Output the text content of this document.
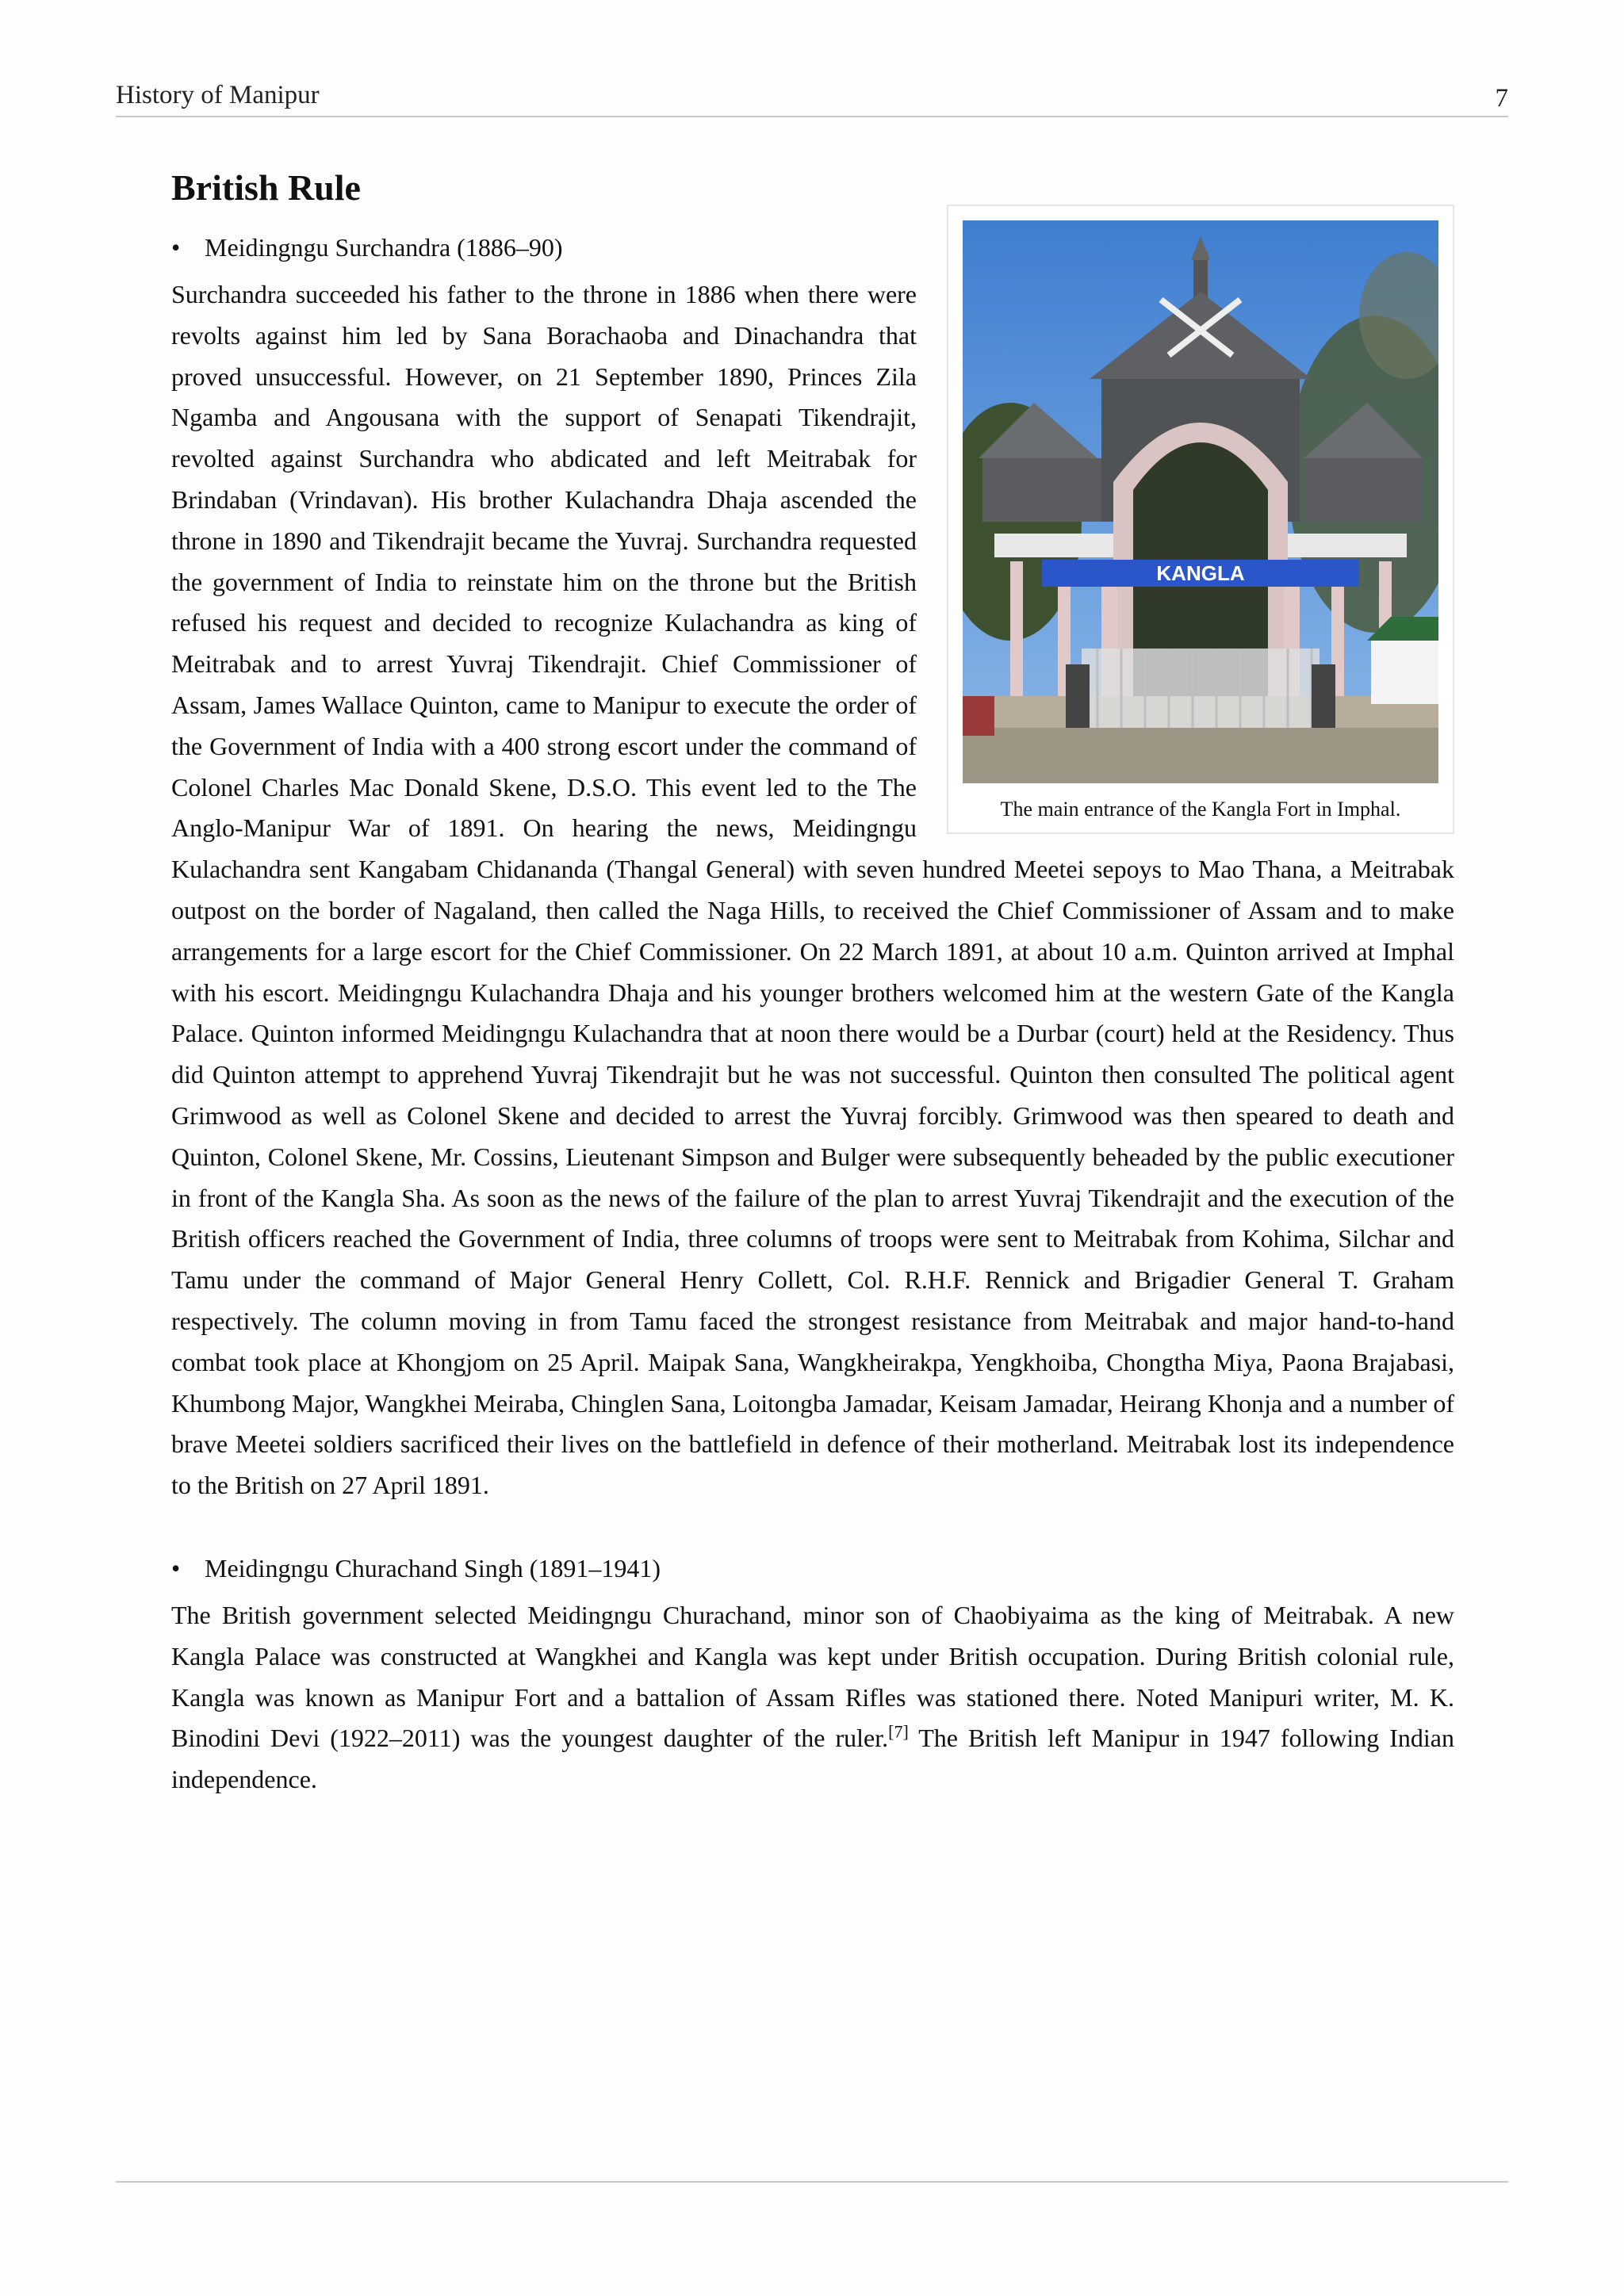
History of Manipur	7
British Rule
KANGLA
The main entrance of the Kangla Fort in Imphal.
• Meidingngu Surchandra (1886–90)

Surchandra succeeded his father to the throne in 1886 when there were revolts against him led by Sana Borachaoba and Dinachandra that proved unsuccessful. However, on 21 September 1890, Princes Zila Ngamba and Angousana with the support of Senapati Tikendrajit, revolted against Surchandra who abdicated and left Meitrabak for Brindaban (Vrindavan). His brother Kulachandra Dhaja ascended the throne in 1890 and Tikendrajit became the Yuvraj. Surchandra requested the government of India to reinstate him on the throne but the British refused his request and decided to recognize Kulachandra as king of Meitrabak and to arrest Yuvraj Tikendrajit. Chief Commissioner of Assam, James Wallace Quinton, came to Manipur to execute the order of the Government of India with a 400 strong escort under the command of Colonel Charles Mac Donald Skene, D.S.O. This event led to the The Anglo-Manipur War of 1891. On hearing the news, Meidingngu Kulachandra sent Kangabam Chidananda (Thangal General) with seven hundred Meetei sepoys to Mao Thana, a Meitrabak outpost on the border of Nagaland, then called the Naga Hills, to received the Chief Commissioner of Assam and to make arrangements for a large escort for the Chief Commissioner. On 22 March 1891, at about 10 a.m. Quinton arrived at Imphal with his escort. Meidingngu Kulachandra Dhaja and his younger brothers welcomed him at the western Gate of the Kangla Palace. Quinton informed Meidingngu Kulachandra that at noon there would be a Durbar (court) held at the Residency. Thus did Quinton attempt to apprehend Yuvraj Tikendrajit but he was not successful. Quinton then consulted The political agent Grimwood as well as Colonel Skene and decided to arrest the Yuvraj forcibly. Grimwood was then speared to death and Quinton, Colonel Skene, Mr. Cossins, Lieutenant Simpson and Bulger were subsequently beheaded by the public executioner in front of the Kangla Sha. As soon as the news of the failure of the plan to arrest Yuvraj Tikendrajit and the execution of the British officers reached the Government of India, three columns of troops were sent to Meitrabak from Kohima, Silchar and Tamu under the command of Major General Henry Collett, Col. R.H.F. Rennick and Brigadier General T. Graham respectively. The column moving in from Tamu faced the strongest resistance from Meitrabak and major hand-to-hand combat took place at Khongjom on 25 April. Maipak Sana, Wangkheirakpa, Yengkhoiba, Chongtha Miya, Paona Brajabasi, Khumbong Major, Wangkhei Meiraba, Chinglen Sana, Loitongba Jamadar, Keisam Jamadar, Heirang Khonja and a number of brave Meetei soldiers sacrificed their lives on the battlefield in defence of their motherland. Meitrabak lost its independence to the British on 27 April 1891.

• Meidingngu Churachand Singh (1891–1941)

The British government selected Meidingngu Churachand, minor son of Chaobiyaima as the king of Meitrabak. A new Kangla Palace was constructed at Wangkhei and Kangla was kept under British occupation. During British colonial rule, Kangla was known as Manipur Fort and a battalion of Assam Rifles was stationed there. Noted Manipuri writer, M. K. Binodini Devi (1922–2011) was the youngest daughter of the ruler.[7] The British left Manipur in 1947 following Indian independence.
